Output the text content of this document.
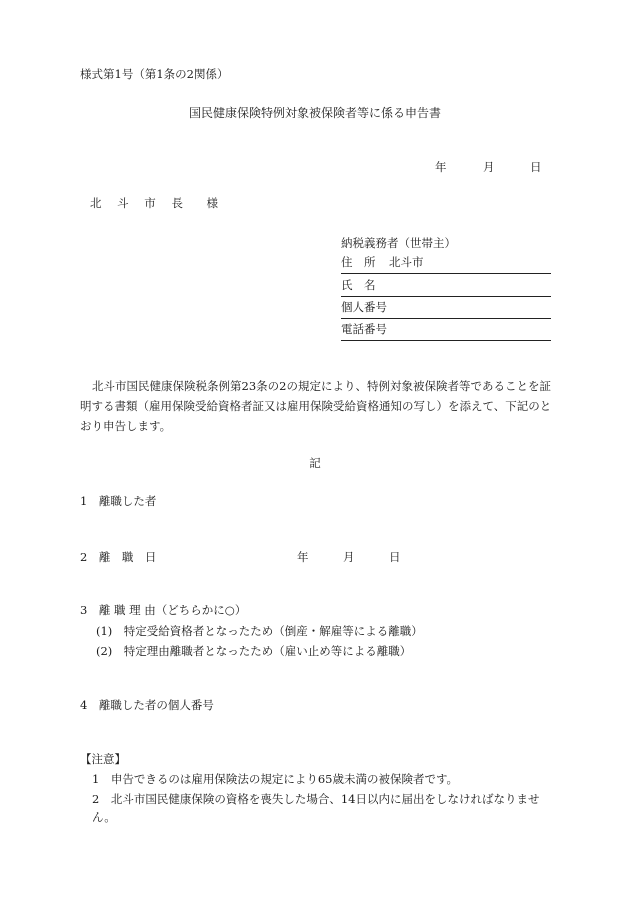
様式第1号（第1条の2関係）
国民健康保険特例対象被保険者等に係る申告書
年	月	日
北 斗 市 長　様
納税義務者（世帯主）
住　所 北斗市
氏　名
個人番号
電話番号
北斗市国民健康保険税条例第23条の2の規定により、特例対象被保険者等であることを証明する書類（雇用保険受給資格者証又は雇用保険受給資格通知の写し）を添えて、下記のとおり申告します。
記
1　離職した者
2　離　職　日	年	月	日
3　離 職 理 由（どちらかに○）
(1)　特定受給資格者となったため（倒産・解雇等による離職）
(2)　特定理由離職者となったため（雇い止め等による離職）
4　離職した者の個人番号
【注意】
1　申告できるのは雇用保険法の規定により65歳未満の被保険者です。
2　北斗市国民健康保険の資格を喪失した場合、14日以内に届出をしなければなりません。
